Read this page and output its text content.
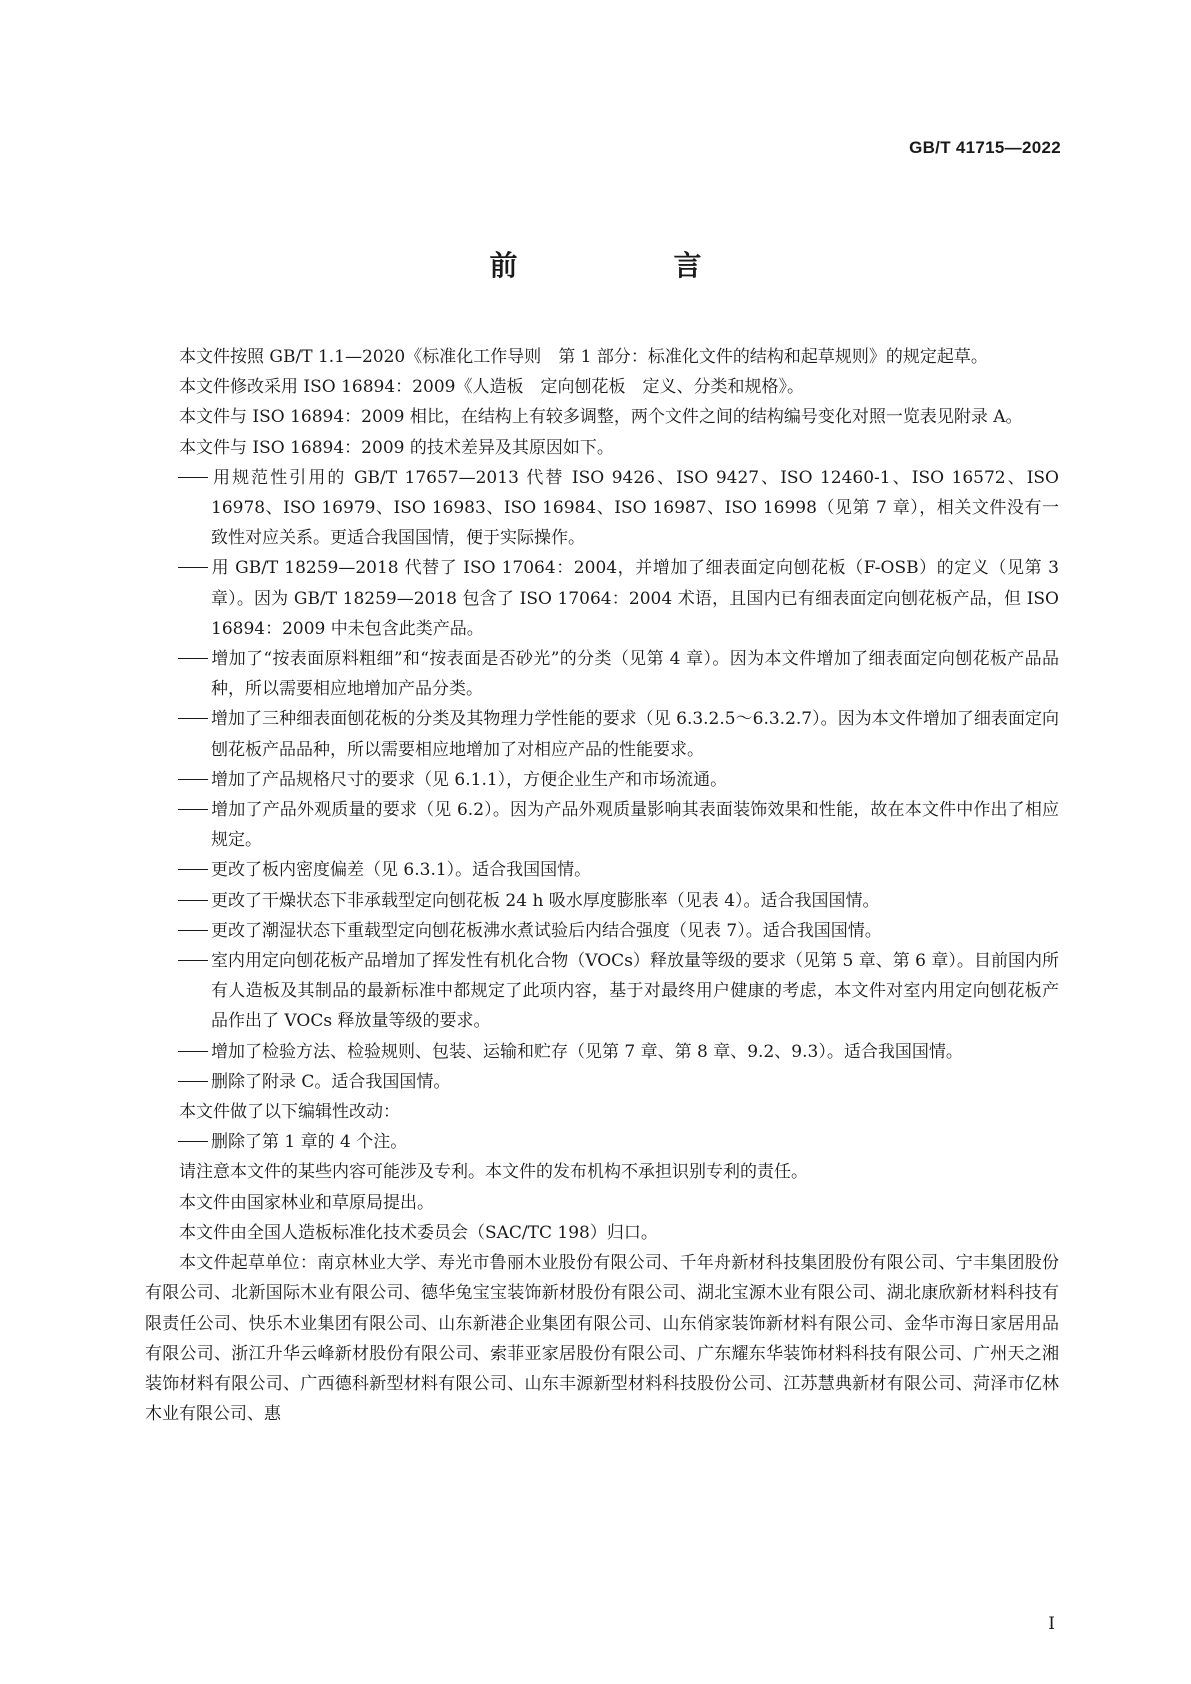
GB/T 41715—2022
前　言

本文件按照 GB/T 1.1—2020《标准化工作导则　第 1 部分：标准化文件的结构和起草规则》的规定起草。

本文件修改采用 ISO 16894：2009《人造板　定向刨花板　定义、分类和规格》。

本文件与 ISO 16894：2009 相比，在结构上有较多调整，两个文件之间的结构编号变化对照一览表见附录 A。

本文件与 ISO 16894：2009 的技术差异及其原因如下。

用规范性引用的 GB/T 17657—2013 代替 ISO 9426、ISO 9427、ISO 12460-1、ISO 16572、ISO 16978、ISO 16979、ISO 16983、ISO 16984、ISO 16987、ISO 16998（见第 7 章），相关文件没有一致性对应关系。更适合我国国情，便于实际操作。

用 GB/T 18259—2018 代替了 ISO 17064：2004，并增加了细表面定向刨花板（F-OSB）的定义（见第 3 章）。因为 GB/T 18259—2018 包含了 ISO 17064：2004 术语，且国内已有细表面定向刨花板产品，但 ISO 16894：2009 中未包含此类产品。

增加了“按表面原料粗细”和“按表面是否砂光”的分类（见第 4 章）。因为本文件增加了细表面定向刨花板产品品种，所以需要相应地增加产品分类。

增加了三种细表面刨花板的分类及其物理力学性能的要求（见 6.3.2.5～6.3.2.7）。因为本文件增加了细表面定向刨花板产品品种，所以需要相应地增加了对相应产品的性能要求。

增加了产品规格尺寸的要求（见 6.1.1），方便企业生产和市场流通。

增加了产品外观质量的要求（见 6.2）。因为产品外观质量影响其表面装饰效果和性能，故在本文件中作出了相应规定。

更改了板内密度偏差（见 6.3.1）。适合我国国情。

更改了干燥状态下非承载型定向刨花板 24 h 吸水厚度膨胀率（见表 4）。适合我国国情。

更改了潮湿状态下重载型定向刨花板沸水煮试验后内结合强度（见表 7）。适合我国国情。

室内用定向刨花板产品增加了挥发性有机化合物（VOCs）释放量等级的要求（见第 5 章、第 6 章）。目前国内所有人造板及其制品的最新标准中都规定了此项内容，基于对最终用户健康的考虑，本文件对室内用定向刨花板产品作出了 VOCs 释放量等级的要求。

增加了检验方法、检验规则、包装、运输和贮存（见第 7 章、第 8 章、9.2、9.3）。适合我国国情。

删除了附录 C。适合我国国情。

本文件做了以下编辑性改动：

删除了第 1 章的 4 个注。

请注意本文件的某些内容可能涉及专利。本文件的发布机构不承担识别专利的责任。

本文件由国家林业和草原局提出。

本文件由全国人造板标准化技术委员会（SAC/TC 198）归口。

本文件起草单位：南京林业大学、寿光市鲁丽木业股份有限公司、千年舟新材科技集团股份有限公司、宁丰集团股份有限公司、北新国际木业有限公司、德华兔宝宝装饰新材股份有限公司、湖北宝源木业有限公司、湖北康欣新材料科技有限责任公司、快乐木业集团有限公司、山东新港企业集团有限公司、山东俏家装饰新材料有限公司、金华市海日家居用品有限公司、浙江升华云峰新材股份有限公司、索菲亚家居股份有限公司、广东耀东华装饰材料科技有限公司、广州天之湘装饰材料有限公司、广西德科新型材料有限公司、山东丰源新型材料科技股份公司、江苏慧典新材有限公司、菏泽市亿林木业有限公司、惠

I
